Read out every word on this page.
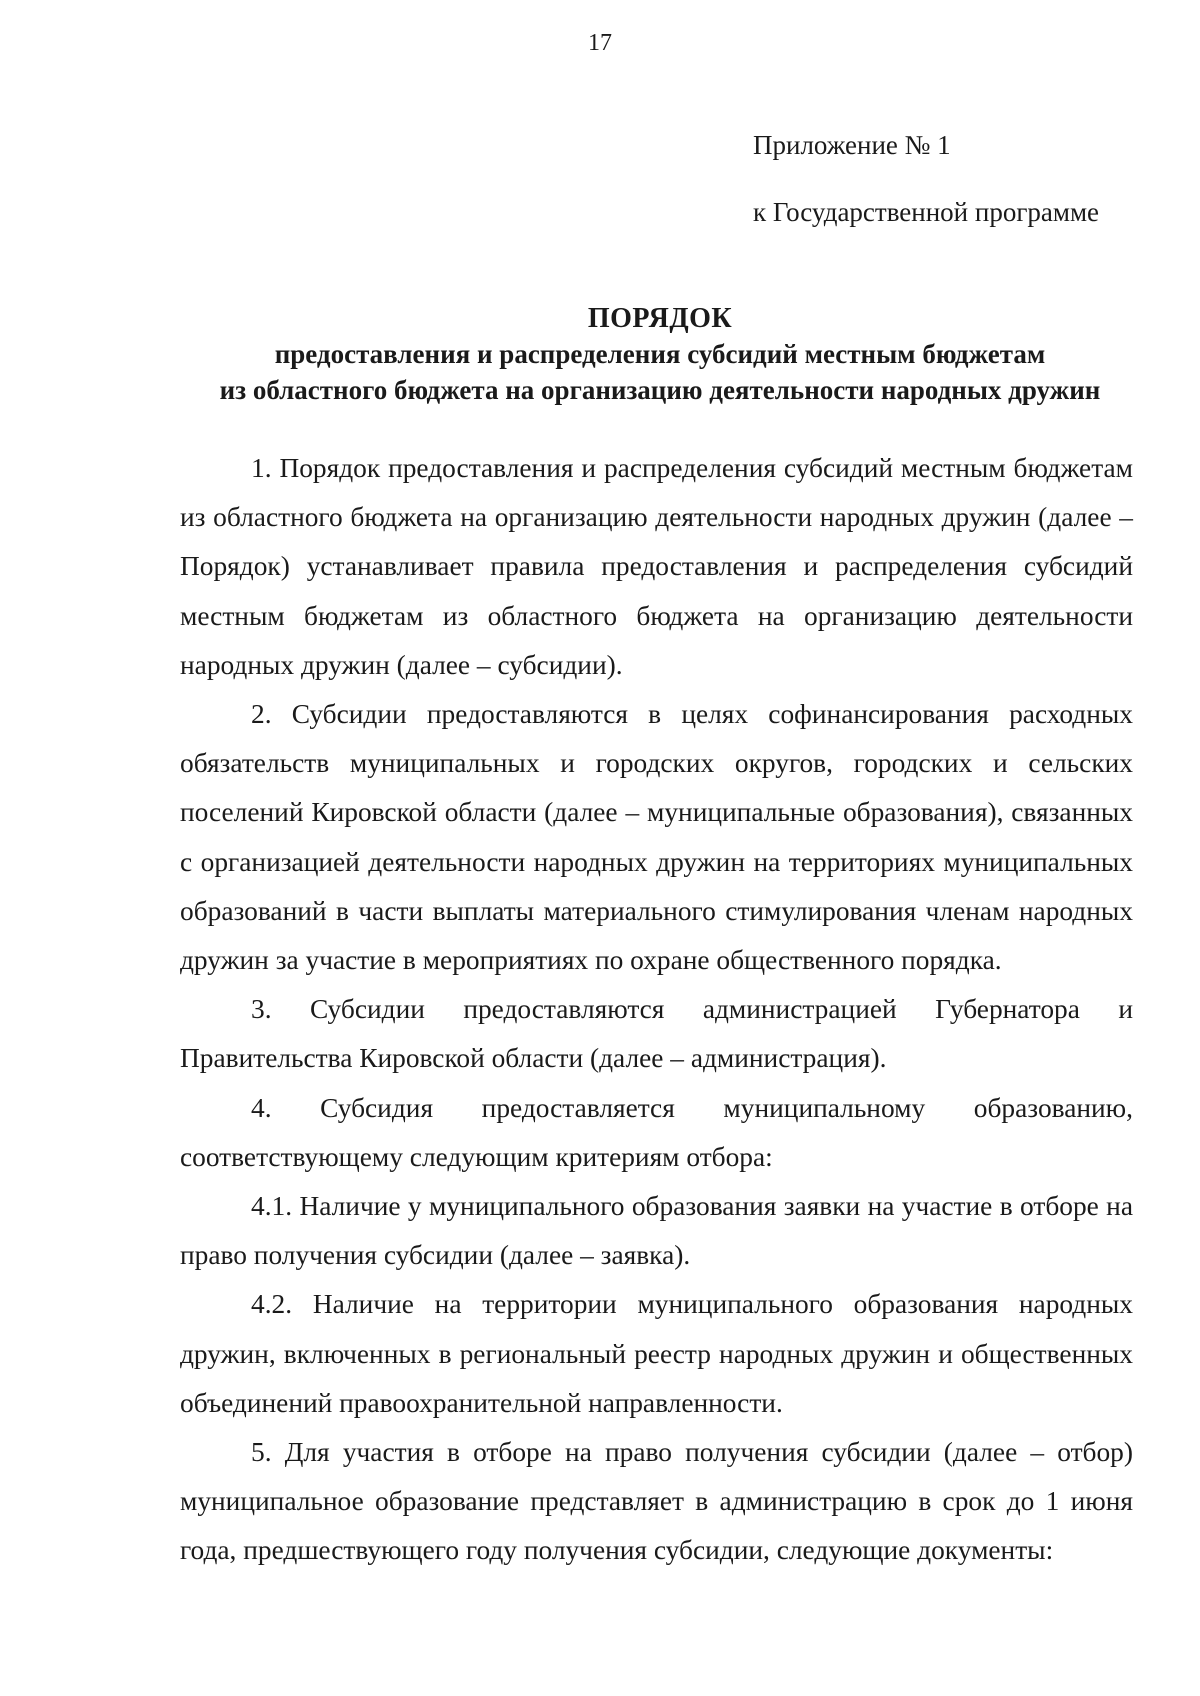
17
Приложение № 1
к Государственной программе
ПОРЯДОК
предоставления и распределения субсидий местным бюджетам
из областного бюджета на организацию деятельности народных дружин

1. Порядок предоставления и распределения субсидий местным бюджетам из областного бюджета на организацию деятельности народных дружин (далее – Порядок) устанавливает правила предоставления и распределения субсидий местным бюджетам из областного бюджета на организацию деятельности народных дружин (далее – субсидии).

2. Субсидии предоставляются в целях софинансирования расходных обязательств муниципальных и городских округов, городских и сельских поселений Кировской области (далее – муниципальные образования), связанных с организацией деятельности народных дружин на территориях муниципальных образований в части выплаты материального стимулирования членам народных дружин за участие в мероприятиях по охране общественного порядка.

3. Субсидии предоставляются администрацией Губернатора и Правительства Кировской области (далее – администрация).

4. Субсидия предоставляется муниципальному образованию, соответствующему следующим критериям отбора:

4.1. Наличие у муниципального образования заявки на участие в отборе на право получения субсидии (далее – заявка).

4.2. Наличие на территории муниципального образования народных дружин, включенных в региональный реестр народных дружин и общественных объединений правоохранительной направленности.

5. Для участия в отборе на право получения субсидии (далее – отбор) муниципальное образование представляет в администрацию в срок до 1 июня года, предшествующего году получения субсидии, следующие документы:
